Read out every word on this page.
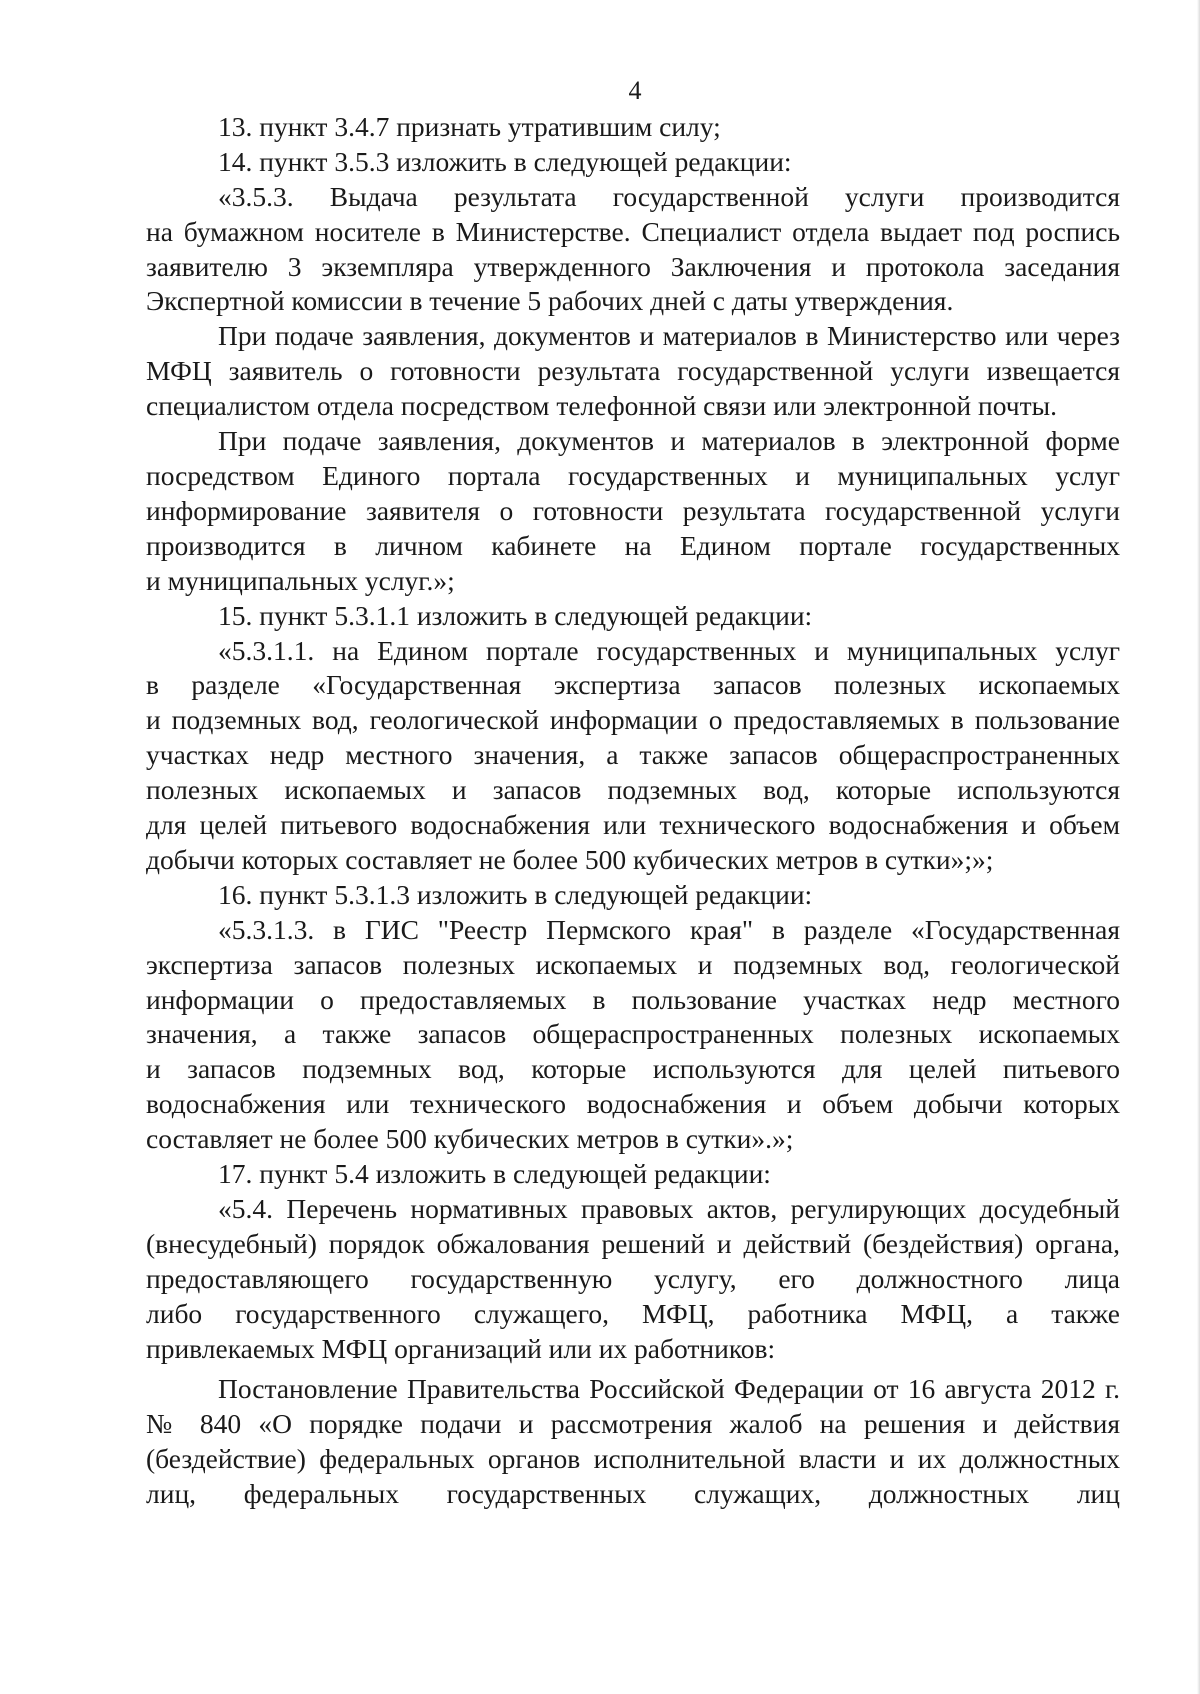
4
13. пункт 3.4.7 признать утратившим силу;
14. пункт 3.5.3 изложить в следующей редакции:
«3.5.3. Выдача результата государственной услуги производится
на бумажном носителе в Министерстве. Специалист отдела выдает под роспись
заявителю 3 экземпляра утвержденного Заключения и протокола заседания
Экспертной комиссии в течение 5 рабочих дней с даты утверждения.
При подаче заявления, документов и материалов в Министерство или через
МФЦ заявитель о готовности результата государственной услуги извещается
специалистом отдела посредством телефонной связи или электронной почты.
При подаче заявления, документов и материалов в электронной форме
посредством Единого портала государственных и муниципальных услуг
информирование заявителя о готовности результата государственной услуги
производится в личном кабинете на Едином портале государственных
и муниципальных услуг.»;
15. пункт 5.3.1.1 изложить в следующей редакции:
«5.3.1.1. на Едином портале государственных и муниципальных услуг
в разделе «Государственная экспертиза запасов полезных ископаемых
и подземных вод, геологической информации о предоставляемых в пользование
участках недр местного значения, а также запасов общераспространенных
полезных ископаемых и запасов подземных вод, которые используются
для целей питьевого водоснабжения или технического водоснабжения и объем
добычи которых составляет не более 500 кубических метров в сутки»;»;
16. пункт 5.3.1.3 изложить в следующей редакции:
«5.3.1.3. в ГИС "Реестр Пермского края" в разделе «Государственная
экспертиза запасов полезных ископаемых и подземных вод, геологической
информации о предоставляемых в пользование участках недр местного
значения, а также запасов общераспространенных полезных ископаемых
и запасов подземных вод, которые используются для целей питьевого
водоснабжения или технического водоснабжения и объем добычи которых
составляет не более 500 кубических метров в сутки».»;
17. пункт 5.4 изложить в следующей редакции:
«5.4. Перечень нормативных правовых актов, регулирующих досудебный
(внесудебный) порядок обжалования решений и действий (бездействия) органа,
предоставляющего государственную услугу, его должностного лица
либо государственного служащего, МФЦ, работника МФЦ, а также
привлекаемых МФЦ организаций или их работников:
Постановление Правительства Российской Федерации от 16 августа 2012 г.
№ 840 «О порядке подачи и рассмотрения жалоб на решения и действия
(бездействие) федеральных органов исполнительной власти и их должностных
лиц, федеральных государственных служащих, должностных лиц
